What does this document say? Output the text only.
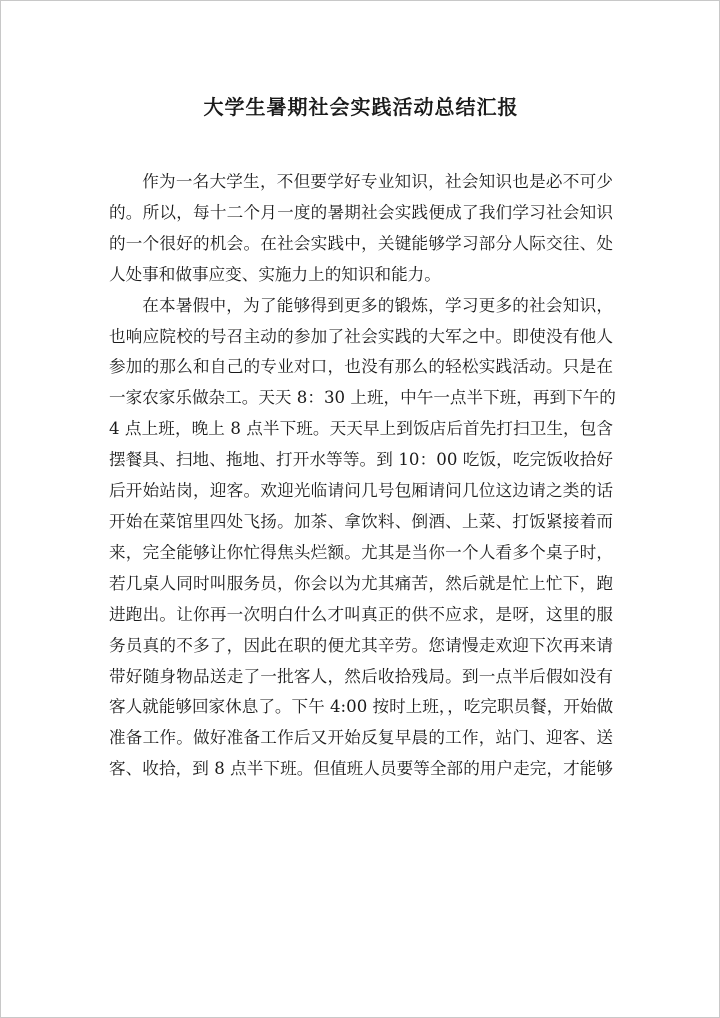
大学生暑期社会实践活动总结汇报
作为一名大学生，不但要学好专业知识，社会知识也是必不可少
的。所以，每十二个月一度的暑期社会实践便成了我们学习社会知识
的一个很好的机会。在社会实践中，关键能够学习部分人际交往、处
人处事和做事应变、实施力上的知识和能力。
在本暑假中，为了能够得到更多的锻炼，学习更多的社会知识，
也响应院校的号召主动的参加了社会实践的大军之中。即使没有他人
参加的那么和自己的专业对口，也没有那么的轻松实践活动。只是在
一家农家乐做杂工。天天 8：30 上班，中午一点半下班，再到下午的
4 点上班，晚上 8 点半下班。天天早上到饭店后首先打扫卫生，包含
摆餐具、扫地、拖地、打开水等等。到 10：00 吃饭，吃完饭收拾好
后开始站岗，迎客。欢迎光临请问几号包厢请问几位这边请之类的话
开始在菜馆里四处飞扬。加茶、拿饮料、倒酒、上菜、打饭紧接着而
来，完全能够让你忙得焦头烂额。尤其是当你一个人看多个桌子时，
若几桌人同时叫服务员，你会以为尤其痛苦，然后就是忙上忙下，跑
进跑出。让你再一次明白什么才叫真正的供不应求，是呀，这里的服
务员真的不多了，因此在职的便尤其辛劳。您请慢走欢迎下次再来请
带好随身物品送走了一批客人，然后收拾残局。到一点半后假如没有
客人就能够回家休息了。下午 4:00 按时上班，，吃完职员餐，开始做
准备工作。做好准备工作后又开始反复早晨的工作，站门、迎客、送
客、收拾，到 8 点半下班。但值班人员要等全部的用户走完，才能够
